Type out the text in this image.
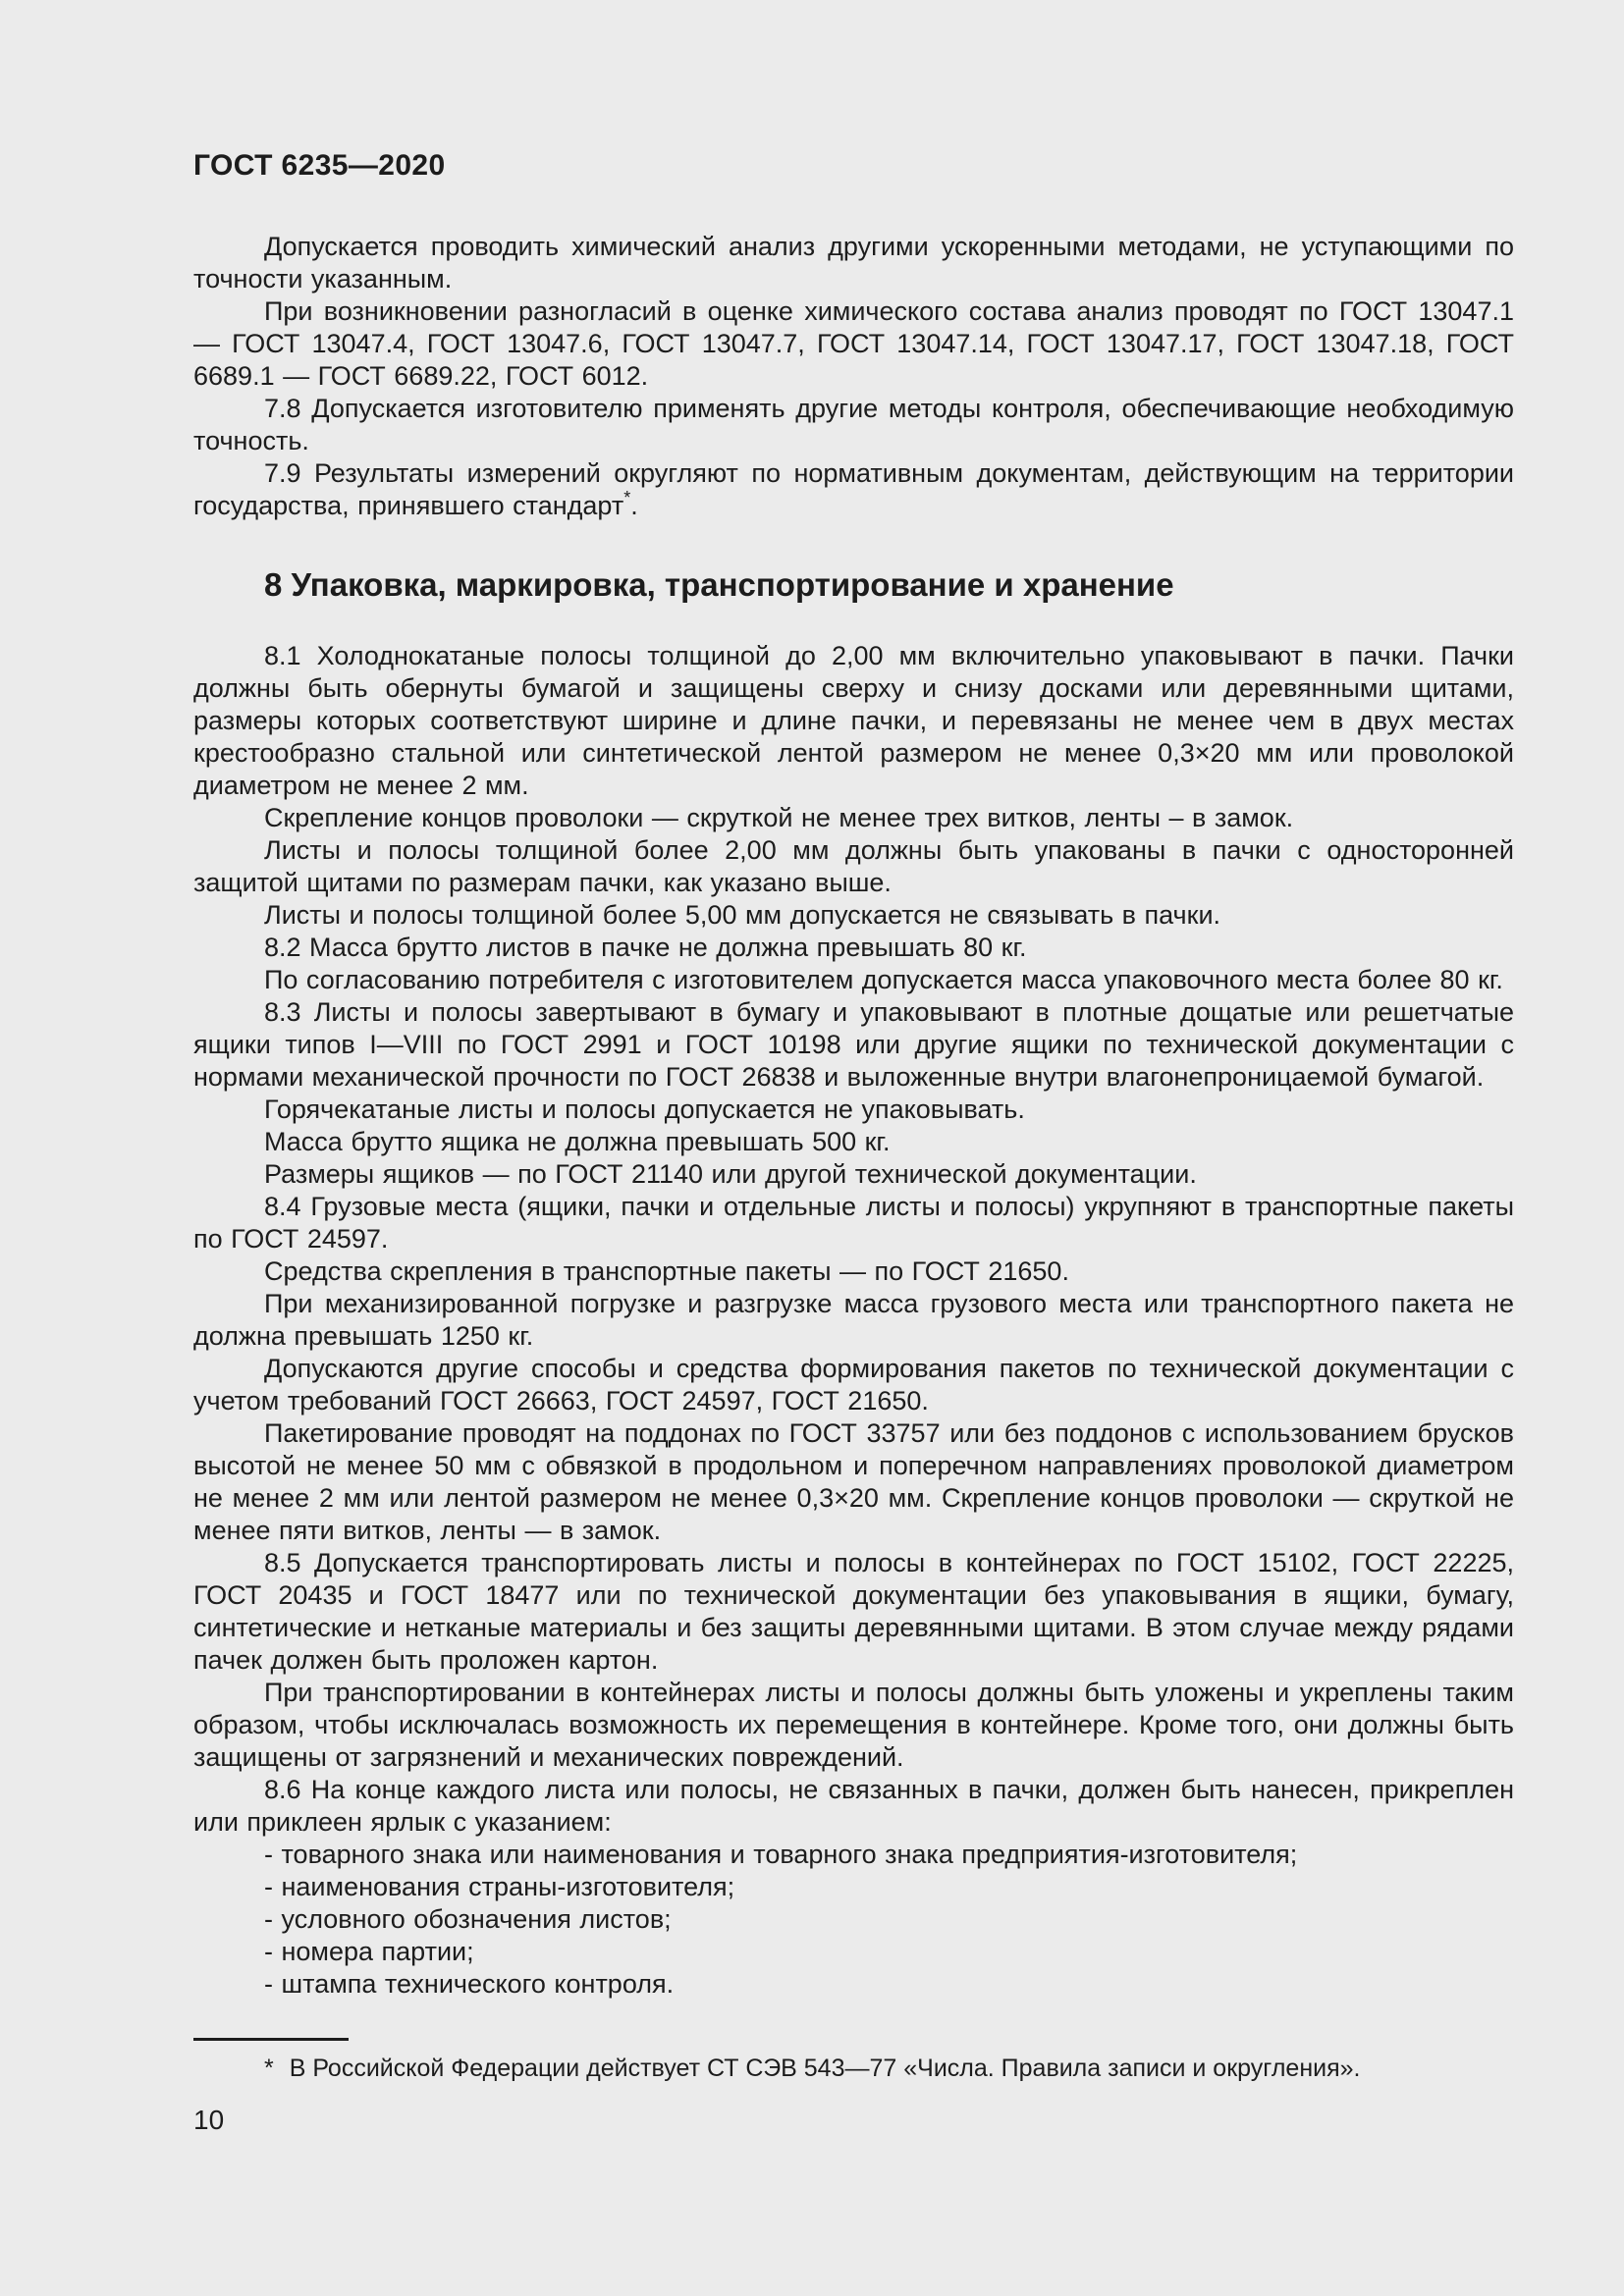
ГОСТ 6235—2020

Допускается проводить химический анализ другими ускоренными методами, не уступающими по точности указанным.

При возникновении разногласий в оценке химического состава анализ проводят по ГОСТ 13047.1 — ГОСТ 13047.4, ГОСТ 13047.6, ГОСТ 13047.7, ГОСТ 13047.14, ГОСТ 13047.17, ГОСТ 13047.18, ГОСТ 6689.1 — ГОСТ 6689.22, ГОСТ 6012.

7.8 Допускается изготовителю применять другие методы контроля, обеспечивающие необходимую точность.

7.9 Результаты измерений округляют по нормативным документам, действующим на территории государства, принявшего стандарт*.

8 Упаковка, маркировка, транспортирование и хранение

8.1 Холоднокатаные полосы толщиной до 2,00 мм включительно упаковывают в пачки. Пачки должны быть обернуты бумагой и защищены сверху и снизу досками или деревянными щитами, размеры которых соответствуют ширине и длине пачки, и перевязаны не менее чем в двух местах крестообразно стальной или синтетической лентой размером не менее 0,3×20 мм или проволокой диаметром не менее 2 мм.

Скрепление концов проволоки — скруткой не менее трех витков, ленты – в замок.

Листы и полосы толщиной более 2,00 мм должны быть упакованы в пачки с односторонней защитой щитами по размерам пачки, как указано выше.

Листы и полосы толщиной более 5,00 мм допускается не связывать в пачки.

8.2 Масса брутто листов в пачке не должна превышать 80 кг.

По согласованию потребителя с изготовителем допускается масса упаковочного места более 80 кг.

8.3 Листы и полосы завертывают в бумагу и упаковывают в плотные дощатые или решетчатые ящики типов I—VIII по ГОСТ 2991 и ГОСТ 10198 или другие ящики по технической документации с нормами механической прочности по ГОСТ 26838 и выложенные внутри влагонепроницаемой бумагой.

Горячекатаные листы и полосы допускается не упаковывать.

Масса брутто ящика не должна превышать 500 кг.

Размеры ящиков — по ГОСТ 21140 или другой технической документации.

8.4 Грузовые места (ящики, пачки и отдельные листы и полосы) укрупняют в транспортные пакеты по ГОСТ 24597.

Средства скрепления в транспортные пакеты — по ГОСТ 21650.

При механизированной погрузке и разгрузке масса грузового места или транспортного пакета не должна превышать 1250 кг.

Допускаются другие способы и средства формирования пакетов по технической документации с учетом требований ГОСТ 26663, ГОСТ 24597, ГОСТ 21650.

Пакетирование проводят на поддонах по ГОСТ 33757 или без поддонов с использованием брусков высотой не менее 50 мм с обвязкой в продольном и поперечном направлениях проволокой диаметром не менее 2 мм или лентой размером не менее 0,3×20 мм. Скрепление концов проволоки — скруткой не менее пяти витков, ленты — в замок.

8.5 Допускается транспортировать листы и полосы в контейнерах по ГОСТ 15102, ГОСТ 22225, ГОСТ 20435 и ГОСТ 18477 или по технической документации без упаковывания в ящики, бумагу, синтетические и нетканые материалы и без защиты деревянными щитами. В этом случае между рядами пачек должен быть проложен картон.

При транспортировании в контейнерах листы и полосы должны быть уложены и укреплены таким образом, чтобы исключалась возможность их перемещения в контейнере. Кроме того, они должны быть защищены от загрязнений и механических повреждений.

8.6 На конце каждого листа или полосы, не связанных в пачки, должен быть нанесен, прикреплен или приклеен ярлык с указанием:

- товарного знака или наименования и товарного знака предприятия-изготовителя;

- наименования страны-изготовителя;

- условного обозначения листов;

- номера партии;

- штампа технического контроля.

* В Российской Федерации действует СТ СЭВ 543—77 «Числа. Правила записи и округления».
10
